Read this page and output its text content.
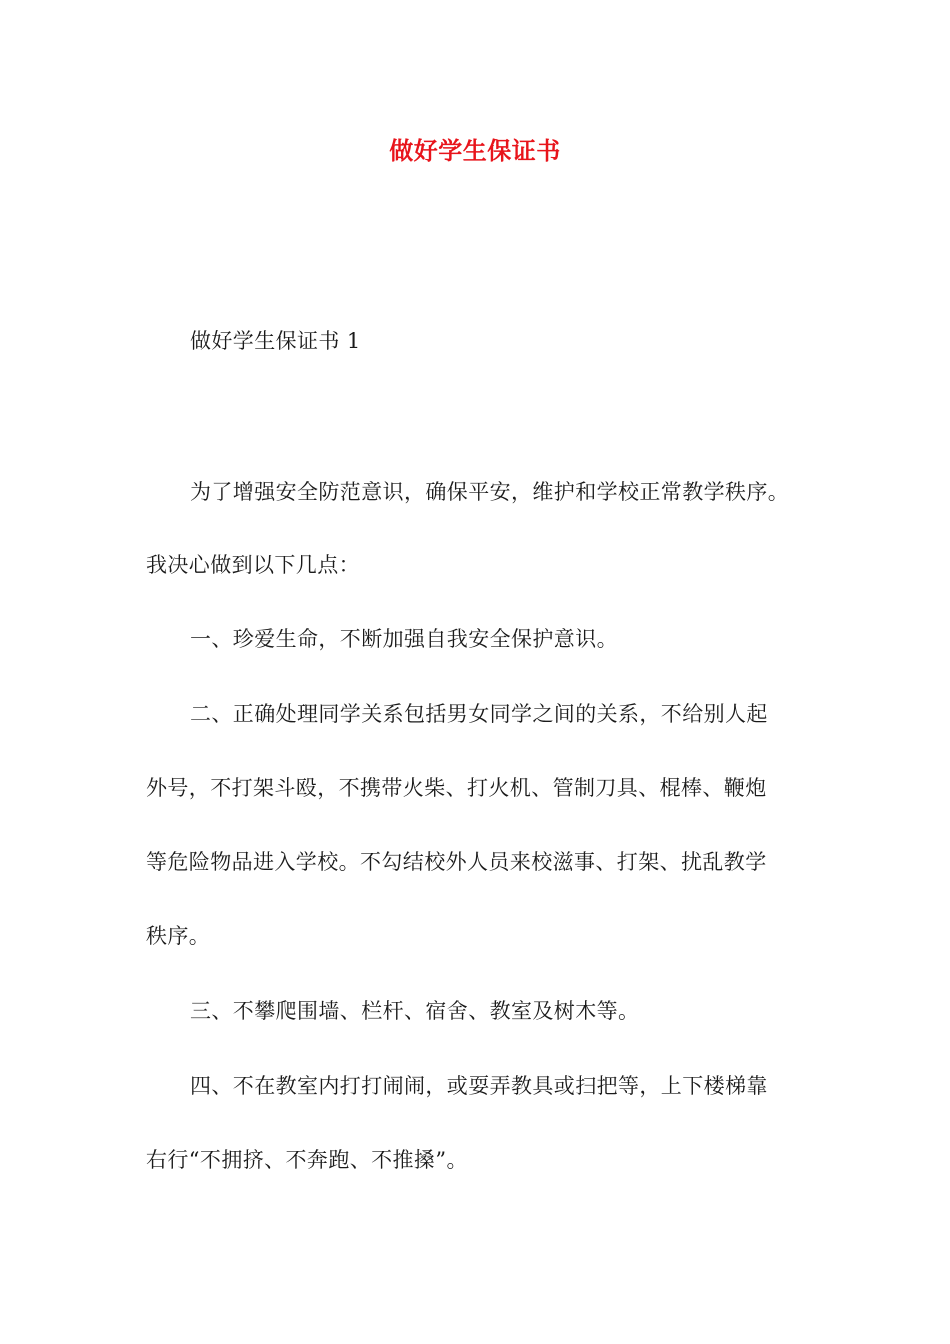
做好学生保证书
做好学生保证书 1
为了增强安全防范意识，确保平安，维护和学校正常教学秩序。
我决心做到以下几点：
一、珍爱生命，不断加强自我安全保护意识。
二、正确处理同学关系包括男女同学之间的关系，不给别人起
外号，不打架斗殴，不携带火柴、打火机、管制刀具、棍棒、鞭炮
等危险物品进入学校。不勾结校外人员来校滋事、打架、扰乱教学
秩序。
三、不攀爬围墙、栏杆、宿舍、教室及树木等。
四、不在教室内打打闹闹，或耍弄教具或扫把等，上下楼梯靠
右行“不拥挤、不奔跑、不推搡”。
